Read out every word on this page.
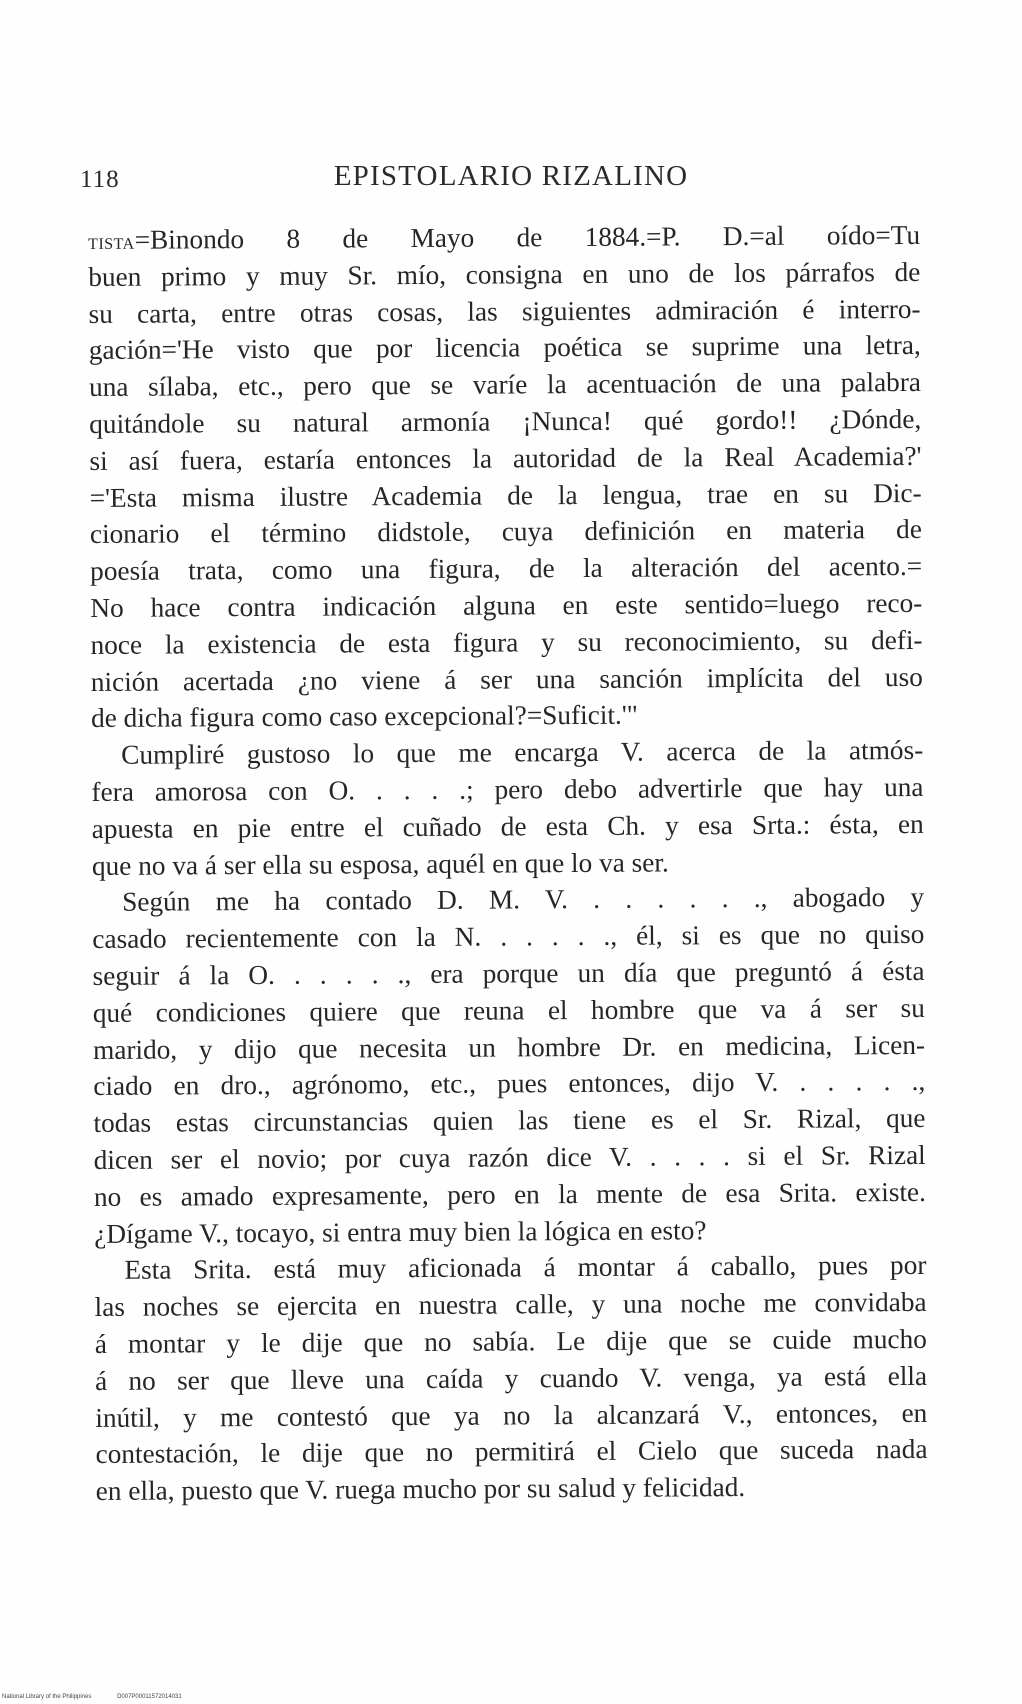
118	EPISTOLARIO RIZALINO
tista=Binondo 8 de Mayo de 1884.=P. D.=al oído=Tu
buen primo y muy Sr. mío, consigna en uno de los párrafos de
su carta, entre otras cosas, las siguientes admiración é interro-
gación='He visto que por licencia poética se suprime una letra,
una sílaba, etc., pero que se varíe la acentuación de una palabra
quitándole su natural armonía ¡Nunca! qué gordo!! ¿Dónde,
si así fuera, estaría entonces la autoridad de la Real Academia?'
='Esta misma ilustre Academia de la lengua, trae en su Dic-
cionario el término didstole, cuya definición en materia de
poesía trata, como una figura, de la alteración del acento.=
No hace contra indicación alguna en este sentido=luego reco-
noce la existencia de esta figura y su reconocimiento, su defi-
nición acertada ¿no viene á ser una sanción implícita del uso
de dicha figura como caso excepcional?=Suficit.'"
Cumpliré gustoso lo que me encarga V. acerca de la atmós-
fera amorosa con O. . . . .; pero debo advertirle que hay una
apuesta en pie entre el cuñado de esta Ch. y esa Srta.: ésta, en
que no va á ser ella su esposa, aquél en que lo va ser.
Según me ha contado D. M. V. . . . . . ., abogado y
casado recientemente con la N. . . . . ., él, si es que no quiso
seguir á la O. . . . . ., era porque un día que preguntó á ésta
qué condiciones quiere que reuna el hombre que va á ser su
marido, y dijo que necesita un hombre Dr. en medicina, Licen-
ciado en dro., agrónomo, etc., pues entonces, dijo V. . . . . .,
todas estas circunstancias quien las tiene es el Sr. Rizal, que
dicen ser el novio; por cuya razón dice V. . . . . si el Sr. Rizal
no es amado expresamente, pero en la mente de esa Srita. existe.
¿Dígame V., tocayo, si entra muy bien la lógica en esto?
Esta Srita. está muy aficionada á montar á caballo, pues por
las noches se ejercita en nuestra calle, y una noche me convidaba
á montar y le dije que no sabía. Le dije que se cuide mucho
á no ser que lleve una caída y cuando V. venga, ya está ella
inútil, y me contestó que ya no la alcanzará V., entonces, en
contestación, le dije que no permitirá el Cielo que suceda nada
en ella, puesto que V. ruega mucho por su salud y felicidad.
National Library of the Philippines	D007P00011572014031
